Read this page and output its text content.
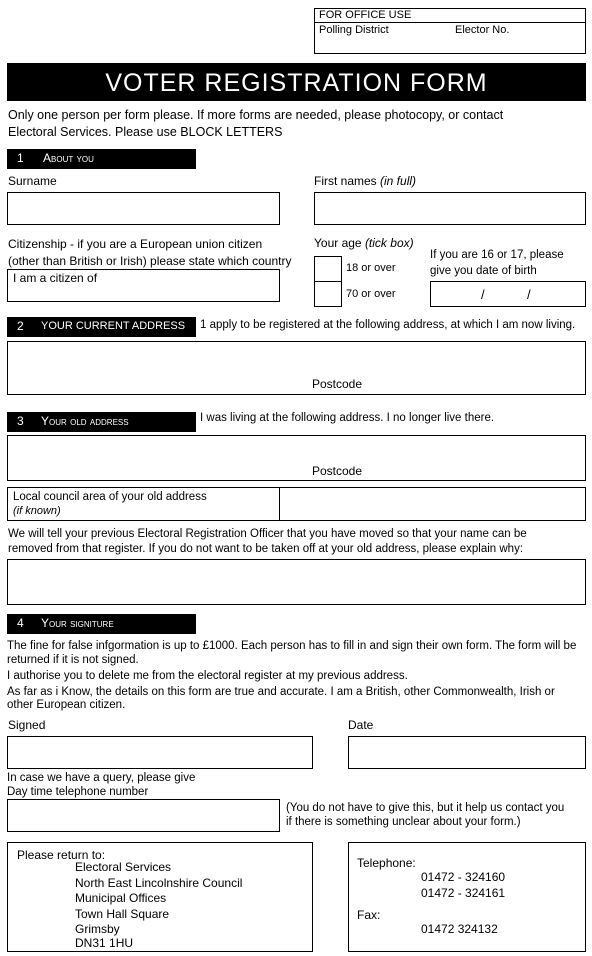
FOR OFFICE USE
Polling District	Elector No.
VOTER REGISTRATION FORM
Only one person per form please. If more forms are needed, please photocopy, or contact
Electoral Services. Please use BLOCK LETTERS
1 About you
Surname	First names (in full)
Citizenship - if you are a European union citizen
(other than British or Irish) please state which country
I am a citizen of
Your age (tick box)
18 or over
70 or over
If you are 16 or 17, please
give you date of birth
/	/
2 YOUR CURRENT ADDRESS 1 apply to be registered at the following address, at which I am now living.
Postcode
3 Your old address	I was living at the following address. I no longer live there.
Postcode
Local council area of your old address
(if known)
We will tell your previous Electoral Registration Officer that you have moved so that your name can be
removed from that register. If you do not want to be taken off at your old address, please explain why:
4 Your signiture
The fine for false infgormation is up to £1000. Each person has to fill in and sign their own form. The form will be
returned if it is not signed.
I authorise you to delete me from the electoral register at my previous address.
As far as i Know, the details on this form are true and accurate. I am a British, other Commonwealth, Irish or
other European citizen.
Signed	Date
In case we have a query, please give
Day time telephone number
(You do not have to give this, but it help us contact you
if there is something unclear about your form.)
Please return to:
Electoral Services
North East Lincolnshire Council
Municipal Offices
Town Hall Square
Grimsby
DN31 1HU
Telephone:
01472 - 324160
01472 - 324161
Fax:
01472 324132
